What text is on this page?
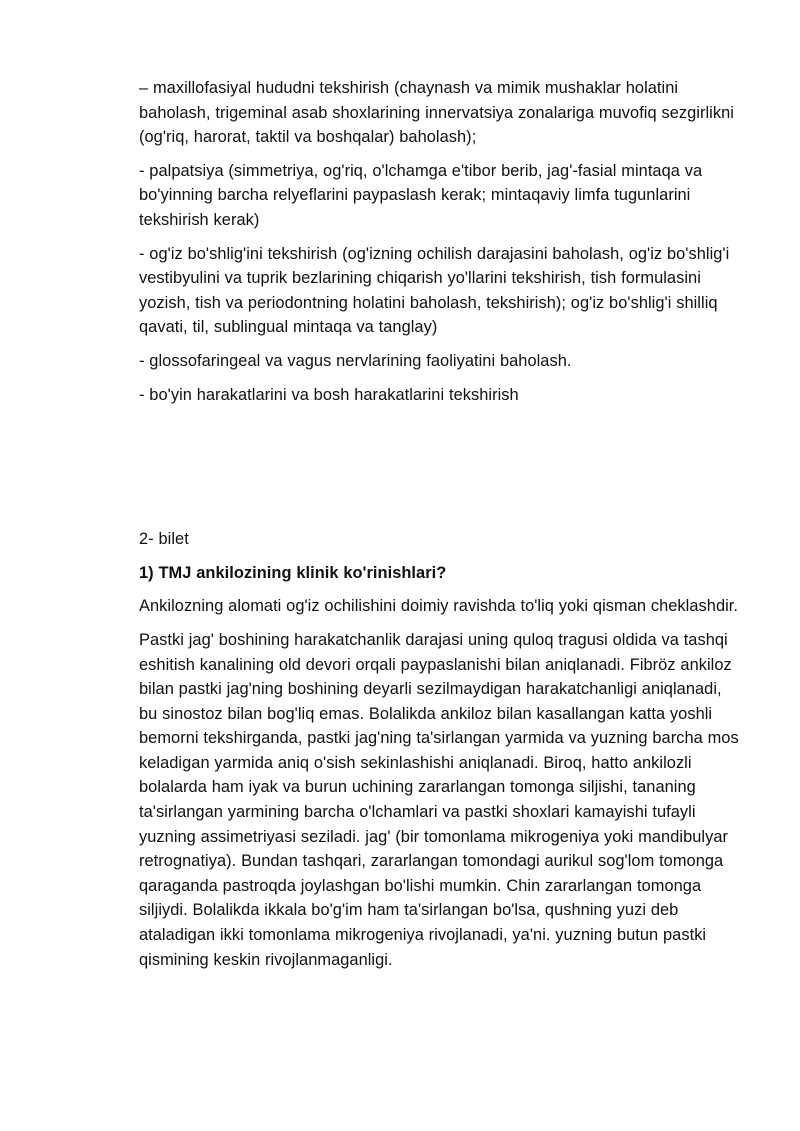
– maxillofasiyal hududni tekshirish (chaynash va mimik mushaklar holatini baholash, trigeminal asab shoxlarining innervatsiya zonalariga muvofiq sezgirlikni (og'riq, harorat, taktil va boshqalar) baholash);

- palpatsiya (simmetriya, og'riq, o'lchamga e'tibor berib, jag'-fasial mintaqa va bo'yinning barcha relyeflarini paypaslash kerak; mintaqaviy limfa tugunlarini tekshirish kerak)

- og'iz bo'shlig'ini tekshirish (og'izning ochilish darajasini baholash, og'iz bo'shlig'i vestibyulini va tuprik bezlarining chiqarish yo'llarini tekshirish, tish formulasini yozish, tish va periodontning holatini baholash, tekshirish); og'iz bo'shlig'i shilliq qavati, til, sublingual mintaqa va tanglay)

- glossofaringeal va vagus nervlarining faoliyatini baholash.

- bo'yin harakatlarini va bosh harakatlarini tekshirish

2- bilet

1) TMJ ankilozining klinik ko'rinishlari?

Ankilozning alomati og'iz ochilishini doimiy ravishda to'liq yoki qisman cheklashdir.

Pastki jag' boshining harakatchanlik darajasi uning quloq tragusi oldida va tashqi eshitish kanalining old devori orqali paypaslanishi bilan aniqlanadi. Fibröz ankiloz bilan pastki jag'ning boshining deyarli sezilmaydigan harakatchanligi aniqlanadi, bu sinostoz bilan bog'liq emas. Bolalikda ankiloz bilan kasallangan katta yoshli bemorni tekshirganda, pastki jag'ning ta'sirlangan yarmida va yuzning barcha mos keladigan yarmida aniq o'sish sekinlashishi aniqlanadi. Biroq, hatto ankilozli bolalarda ham iyak va burun uchining zararlangan tomonga siljishi, tananing ta'sirlangan yarmining barcha o'lchamlari va pastki shoxlari kamayishi tufayli yuzning assimetriyasi seziladi. jag' (bir tomonlama mikrogeniya yoki mandibulyar retrognatiya). Bundan tashqari, zararlangan tomondagi aurikul sog'lom tomonga qaraganda pastroqda joylashgan bo'lishi mumkin. Chin zararlangan tomonga siljiydi. Bolalikda ikkala bo'g'im ham ta'sirlangan bo'lsa, qushning yuzi deb ataladigan ikki tomonlama mikrogeniya rivojlanadi, ya'ni. yuzning butun pastki qismining keskin rivojlanmaganligi.
